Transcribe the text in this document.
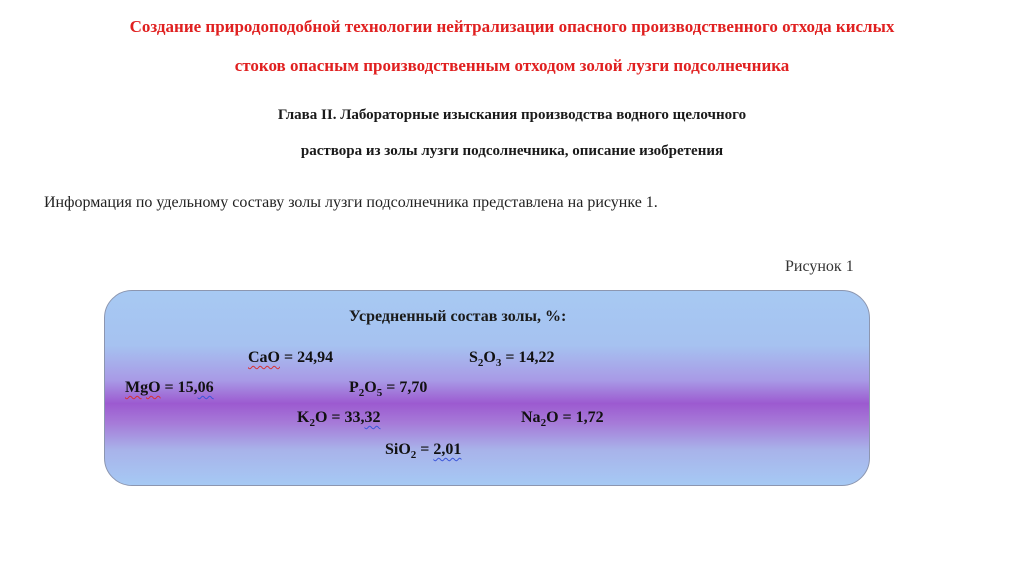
Создание природоподобной технологии нейтрализации опасного производственного отхода кислых
стоков опасным производственным отходом золой лузги подсолнечника
Глава II. Лабораторные изыскания производства водного щелочного
раствора из золы лузги подсолнечника, описание изобретения
Информация по удельному составу золы лузги подсолнечника представлена на рисунке 1.
Рисунок 1
Усредненный состав золы, %:
CaO = 24,94	$S_2O_3 = 14,22$
MgO = 15,06	$P_2O_5 = 7,70$
$K_2O = 33,32$	$Na_2O = 1,72$
SiO$_2$ = 2,01
